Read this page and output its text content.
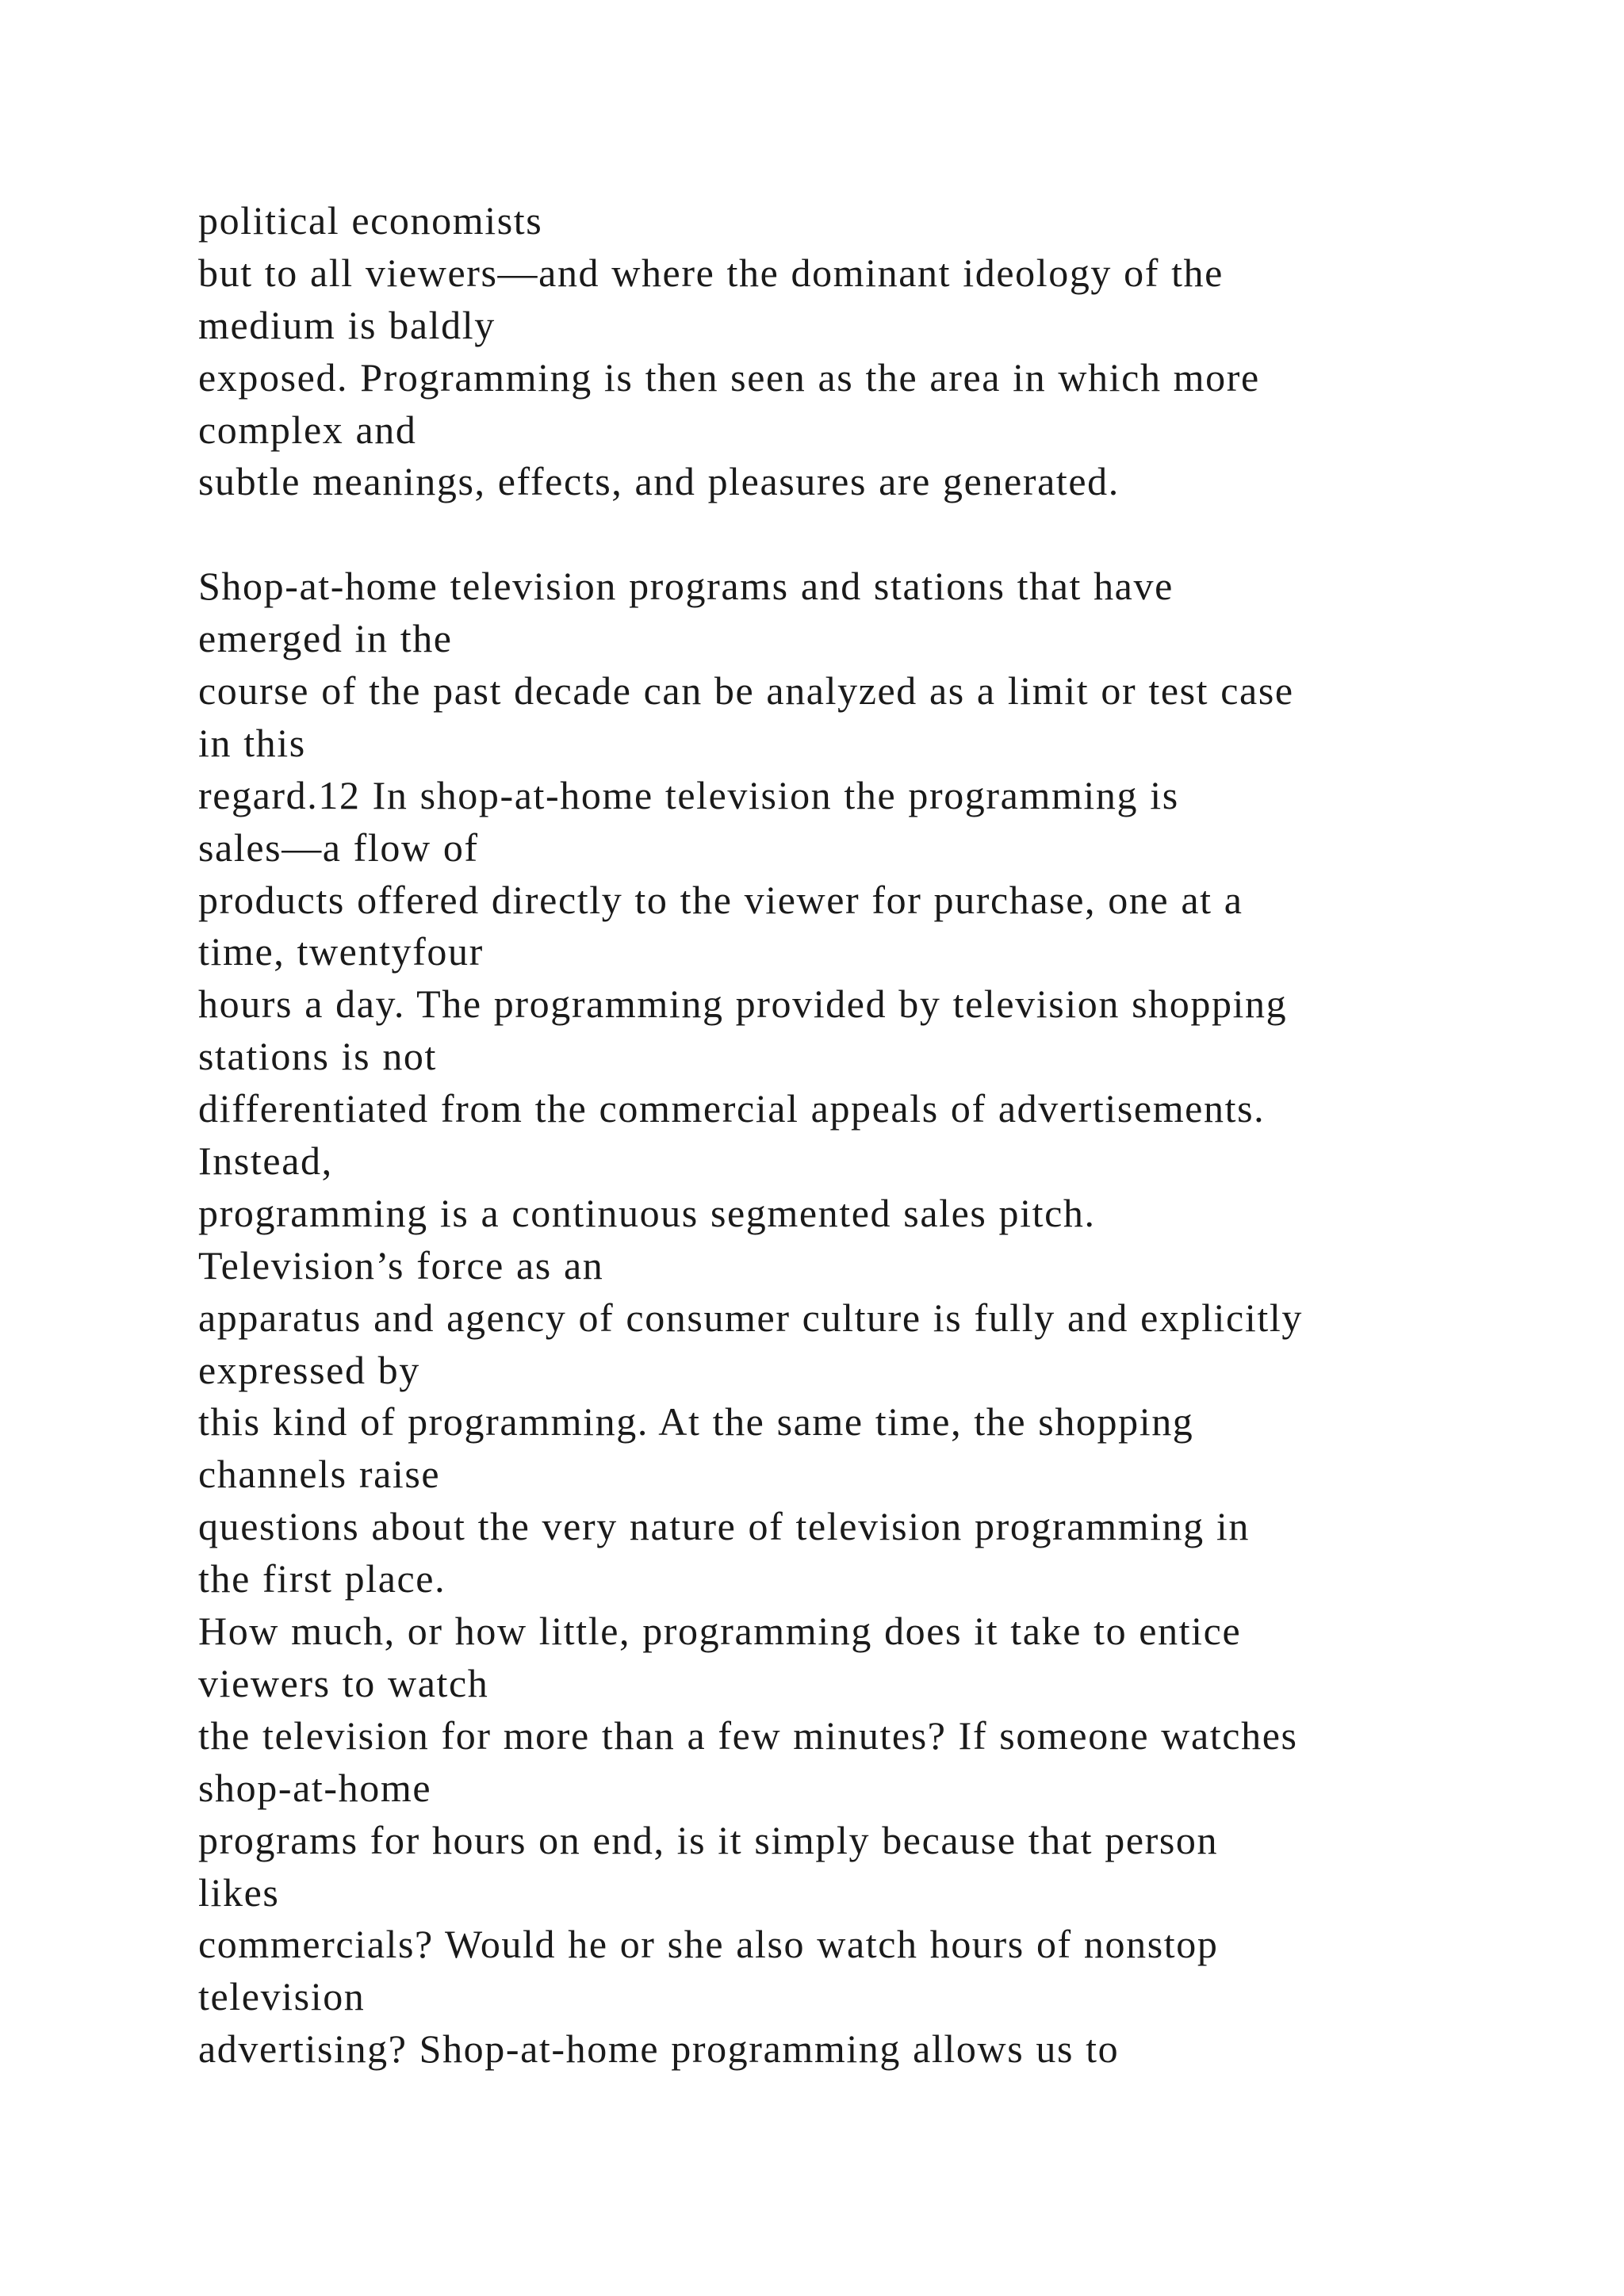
political economists
but to all viewers—and where the dominant ideology of the
medium is baldly
exposed. Programming is then seen as the area in which more
complex and
subtle meanings, effects, and pleasures are generated.
Shop-at-home television programs and stations that have
emerged in the
course of the past decade can be analyzed as a limit or test case
in this
regard.12 In shop-at-home television the programming is
sales—a flow of
products offered directly to the viewer for purchase, one at a
time, twentyfour
hours a day. The programming provided by television shopping
stations is not
differentiated from the commercial appeals of advertisements.
Instead,
programming is a continuous segmented sales pitch.
Television’s force as an
apparatus and agency of consumer culture is fully and explicitly
expressed by
this kind of programming. At the same time, the shopping
channels raise
questions about the very nature of television programming in
the first place.
How much, or how little, programming does it take to entice
viewers to watch
the television for more than a few minutes? If someone watches
shop-at-home
programs for hours on end, is it simply because that person
likes
commercials? Would he or she also watch hours of nonstop
television
advertising? Shop-at-home programming allows us to
